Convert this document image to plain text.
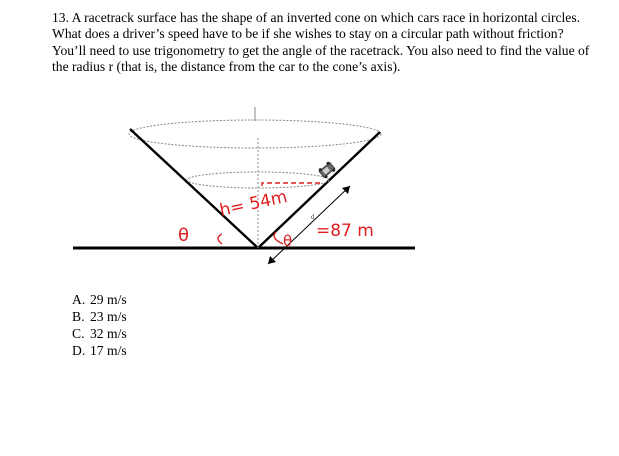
13. A racetrack surface has the shape of an inverted cone on which cars race in horizontal circles. What does a driver’s speed have to be if she wishes to stay on a circular path without friction? You’ll need to use trigonometry to get the angle of the racetrack. You also need to find the value of the radius r (that is, the distance from the car to the cone’s axis).

h= 54m
θ	θ
d
=87 m
A. 29 m/s
B. 23 m/s
C. 32 m/s
D. 17 m/s
